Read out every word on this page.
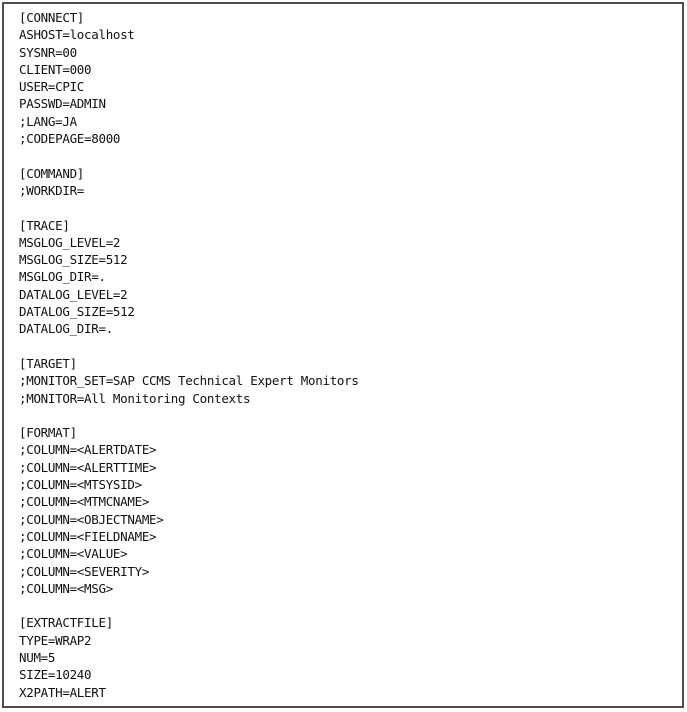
[CONNECT]
ASHOST=localhost
SYSNR=00
CLIENT=000
USER=CPIC
PASSWD=ADMIN
;LANG=JA
;CODEPAGE=8000
[COMMAND]
;WORKDIR=
[TRACE]
MSGLOG_LEVEL=2
MSGLOG_SIZE=512
MSGLOG_DIR=.
DATALOG_LEVEL=2
DATALOG_SIZE=512
DATALOG_DIR=.
[TARGET]
;MONITOR_SET=SAP CCMS Technical Expert Monitors
;MONITOR=All Monitoring Contexts
[FORMAT]
;COLUMN=<ALERTDATE>
;COLUMN=<ALERTTIME>
;COLUMN=<MTSYSID>
;COLUMN=<MTMCNAME>
;COLUMN=<OBJECTNAME>
;COLUMN=<FIELDNAME>
;COLUMN=<VALUE>
;COLUMN=<SEVERITY>
;COLUMN=<MSG>
[EXTRACTFILE]
TYPE=WRAP2
NUM=5
SIZE=10240
X2PATH=ALERT
